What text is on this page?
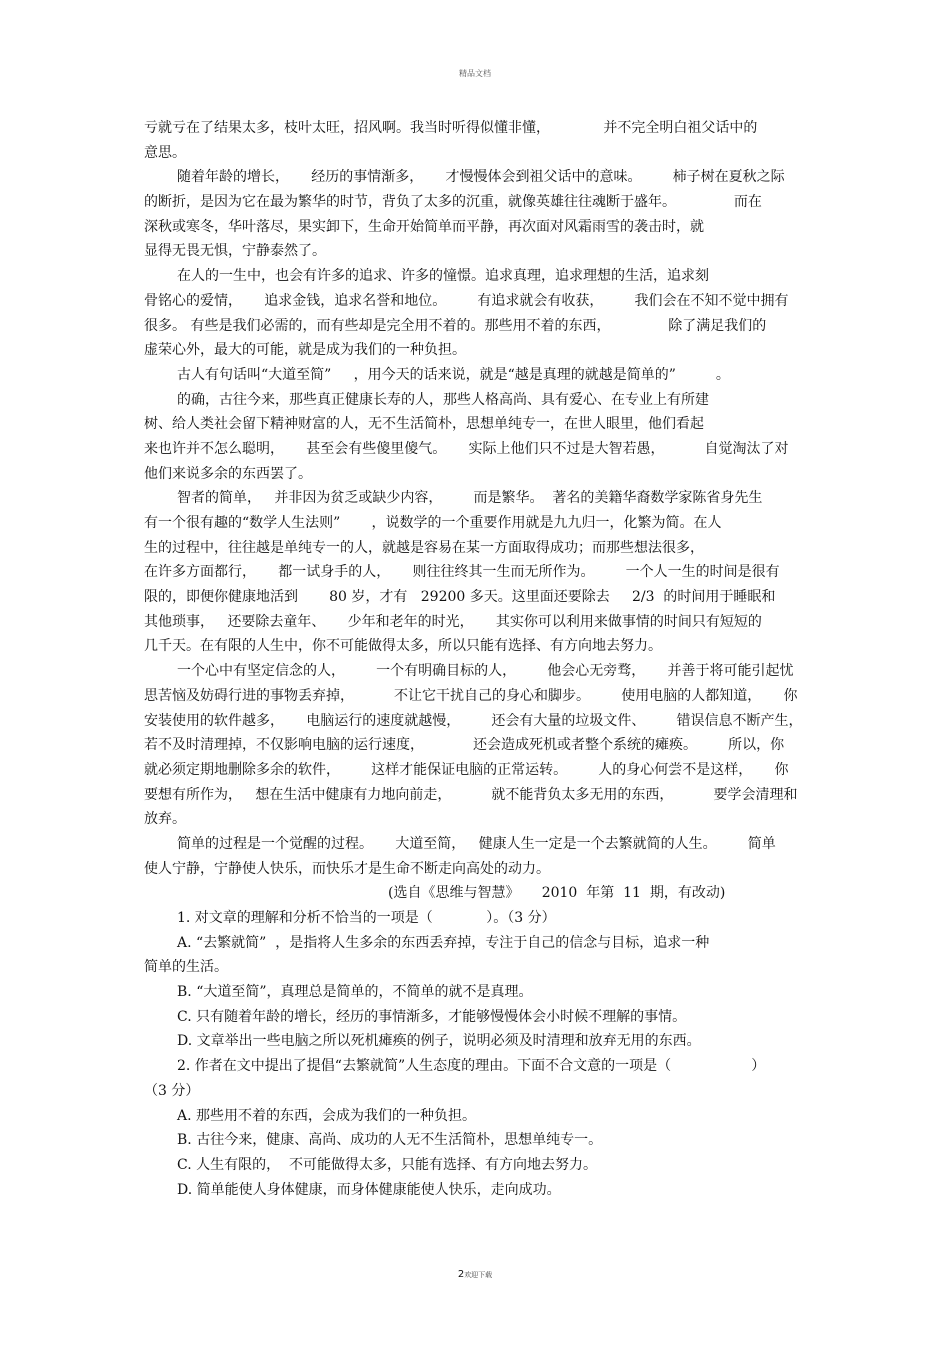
精品文档
亏就亏在了结果太多，枝叶太旺，招风啊。我当时听得似懂非懂，            并不完全明白祖父话中的
意思。
随着年龄的增长，     经历的事情渐多，     才慢慢体会到祖父话中的意味。       柿子树在夏秋之际
的断折，是因为它在最为繁华的时节，背负了太多的沉重，就像英雄往往魂断于盛年。             而在
深秋或寒冬，华叶落尽，果实卸下，生命开始简单而平静，再次面对风霜雨雪的袭击时，就
显得无畏无惧，宁静泰然了。
在人的一生中，也会有许多的追求、许多的憧憬。追求真理，追求理想的生活，追求刻
骨铭心的爱情，     追求金钱，追求名誉和地位。       有追求就会有收获，       我们会在不知不觉中拥有
很多。 有些是我们必需的，而有些却是完全用不着的。那些用不着的东西，             除了满足我们的
虚荣心外，最大的可能，就是成为我们的一种负担。
古人有句话叫“大道至简”     ，用今天的话来说，就是“越是真理的就越是简单的”         。
的确，古往今来，那些真正健康长寿的人，那些人格高尚、具有爱心、在专业上有所建
树、给人类社会留下精神财富的人，无不生活简朴，思想单纯专一，在世人眼里，他们看起
来也许并不怎么聪明，     甚至会有些傻里傻气。     实际上他们只不过是大智若愚，         自觉淘汰了对
他们来说多余的东西罢了。
智者的简单，   并非因为贫乏或缺少内容，       而是繁华。  著名的美籍华裔数学家陈省身先生
有一个很有趣的“数学人生法则”       ，说数学的一个重要作用就是九九归一，化繁为简。在人
生的过程中，往往越是单纯专一的人，就越是容易在某一方面取得成功；而那些想法很多，
在许多方面都行，     都一试身手的人，     则往往终其一生而无所作为。       一个人一生的时间是很有
限的，即便你健康地活到       80 岁，才有   29200 多天。这里面还要除去     2/3  的时间用于睡眠和
其他琐事，   还要除去童年、     少年和老年的时光，     其实你可以利用来做事情的时间只有短短的
几千天。在有限的人生中，你不可能做得太多，所以只能有选择、有方向地去努力。
一个心中有坚定信念的人，       一个有明确目标的人，       他会心无旁骛，     并善于将可能引起忧
思苦恼及妨碍行进的事物丢弃掉，         不让它干扰自己的身心和脚步。       使用电脑的人都知道，     你
安装使用的软件越多，     电脑运行的速度就越慢，       还会有大量的垃圾文件、       错误信息不断产生，
若不及时清理掉，不仅影响电脑的运行速度，           还会造成死机或者整个系统的瘫痪。       所以，你
就必须定期地删除多余的软件，       这样才能保证电脑的正常运转。       人的身心何尝不是这样，     你
要想有所作为，   想在生活中健康有力地向前走，         就不能背负太多无用的东西，         要学会清理和
放弃。
简单的过程是一个觉醒的过程。     大道至简，   健康人生一定是一个去繁就简的人生。       简单
使人宁静，宁静使人快乐，而快乐才是生命不断走向高处的动力。
(选自《思维与智慧》     2010  年第  11  期，有改动)
1. 对文章的理解和分析不恰当的一项是（            ）。（3 分）
A. “去繁就简”  ，是指将人生多余的东西丢弃掉，专注于自己的信念与目标，追求一种
简单的生活。
B. “大道至简”，真理总是简单的，不简单的就不是真理。
C. 只有随着年龄的增长，经历的事情渐多，才能够慢慢体会小时候不理解的事情。
D. 文章举出一些电脑之所以死机瘫痪的例子，说明必须及时清理和放弃无用的东西。
2. 作者在文中提出了提倡“去繁就简”人生态度的理由。下面不合文意的一项是（                  ）
（3 分）
A. 那些用不着的东西，会成为我们的一种负担。
B. 古往今来，健康、高尚、成功的人无不生活简朴，思想单纯专一。
C. 人生有限的，  不可能做得太多，只能有选择、有方向地去努力。
D. 简单能使人身体健康，而身体健康能使人快乐，走向成功。
2欢迎下载
